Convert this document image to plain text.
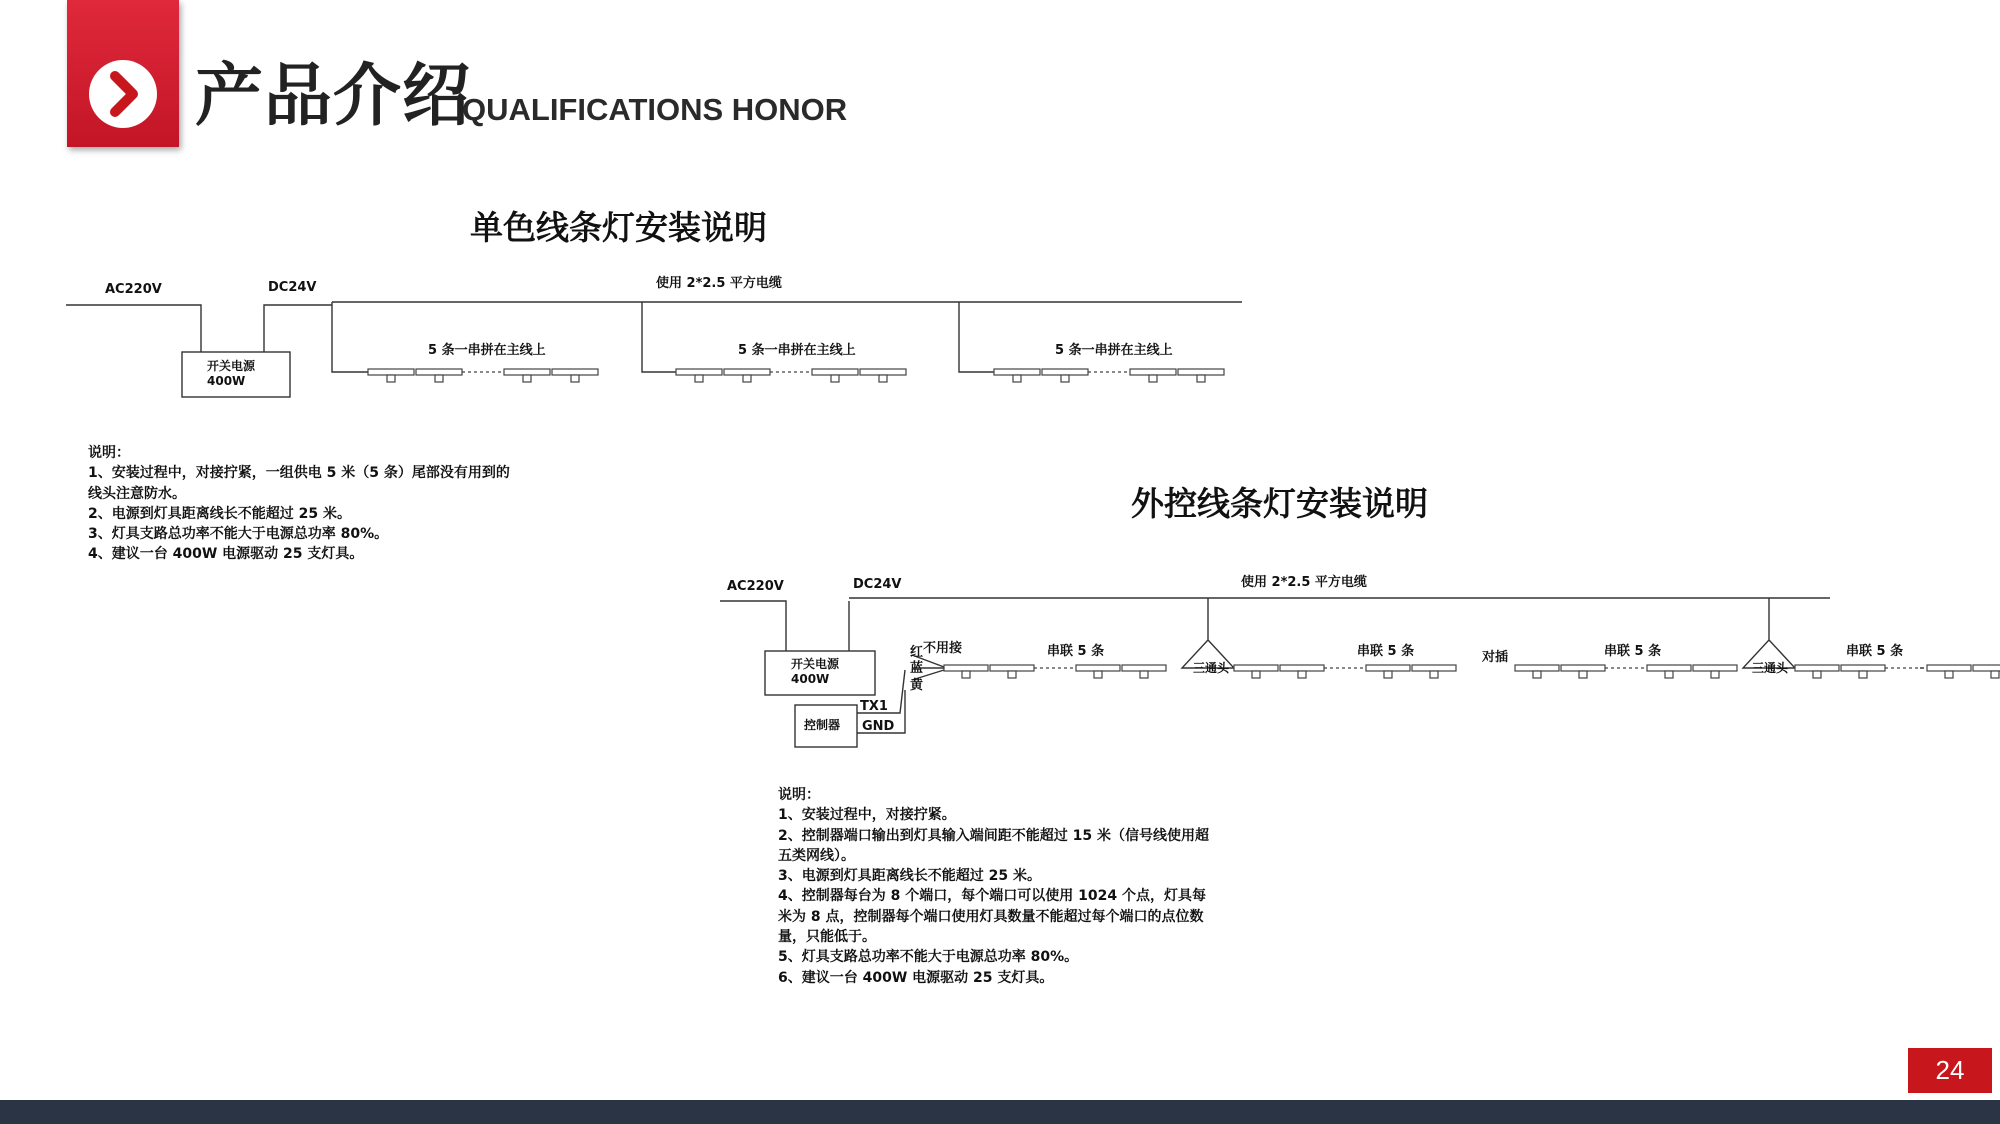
产品介绍
QUALIFICATIONS HONOR
单色线条灯安装说明
AC220V	DC24V	使用 2*2.5 平方电缆
开关电源
400W
5 条一串拼在主线上	5 条一串拼在主线上	5 条一串拼在主线上
说明：
1、安装过程中，对接拧紧，一组供电 5 米（5 条）尾部没有用到的
线头注意防水。
2、电源到灯具距离线长不能超过 25 米。
3、灯具支路总功率不能大于电源总功率 80%。
4、建议一台 400W 电源驱动 25 支灯具。
外控线条灯安装说明
AC220V	DC24V	使用 2*2.5 平方电缆
开关电源
400W
控制器
TX1
GND
红
蓝
黄
不用接	串联 5 条	串联 5 条	串联 5 条	串联 5 条
三通头	三通头
对插
说明：
1、安装过程中，对接拧紧。
2、控制器端口输出到灯具输入端间距不能超过 15 米（信号线使用超
五类网线）。
3、电源到灯具距离线长不能超过 25 米。
4、控制器每台为 8 个端口，每个端口可以使用 1024 个点，灯具每
米为 8 点，控制器每个端口使用灯具数量不能超过每个端口的点位数
量，只能低于。
5、灯具支路总功率不能大于电源总功率 80%。
6、建议一台 400W 电源驱动 25 支灯具。
24
